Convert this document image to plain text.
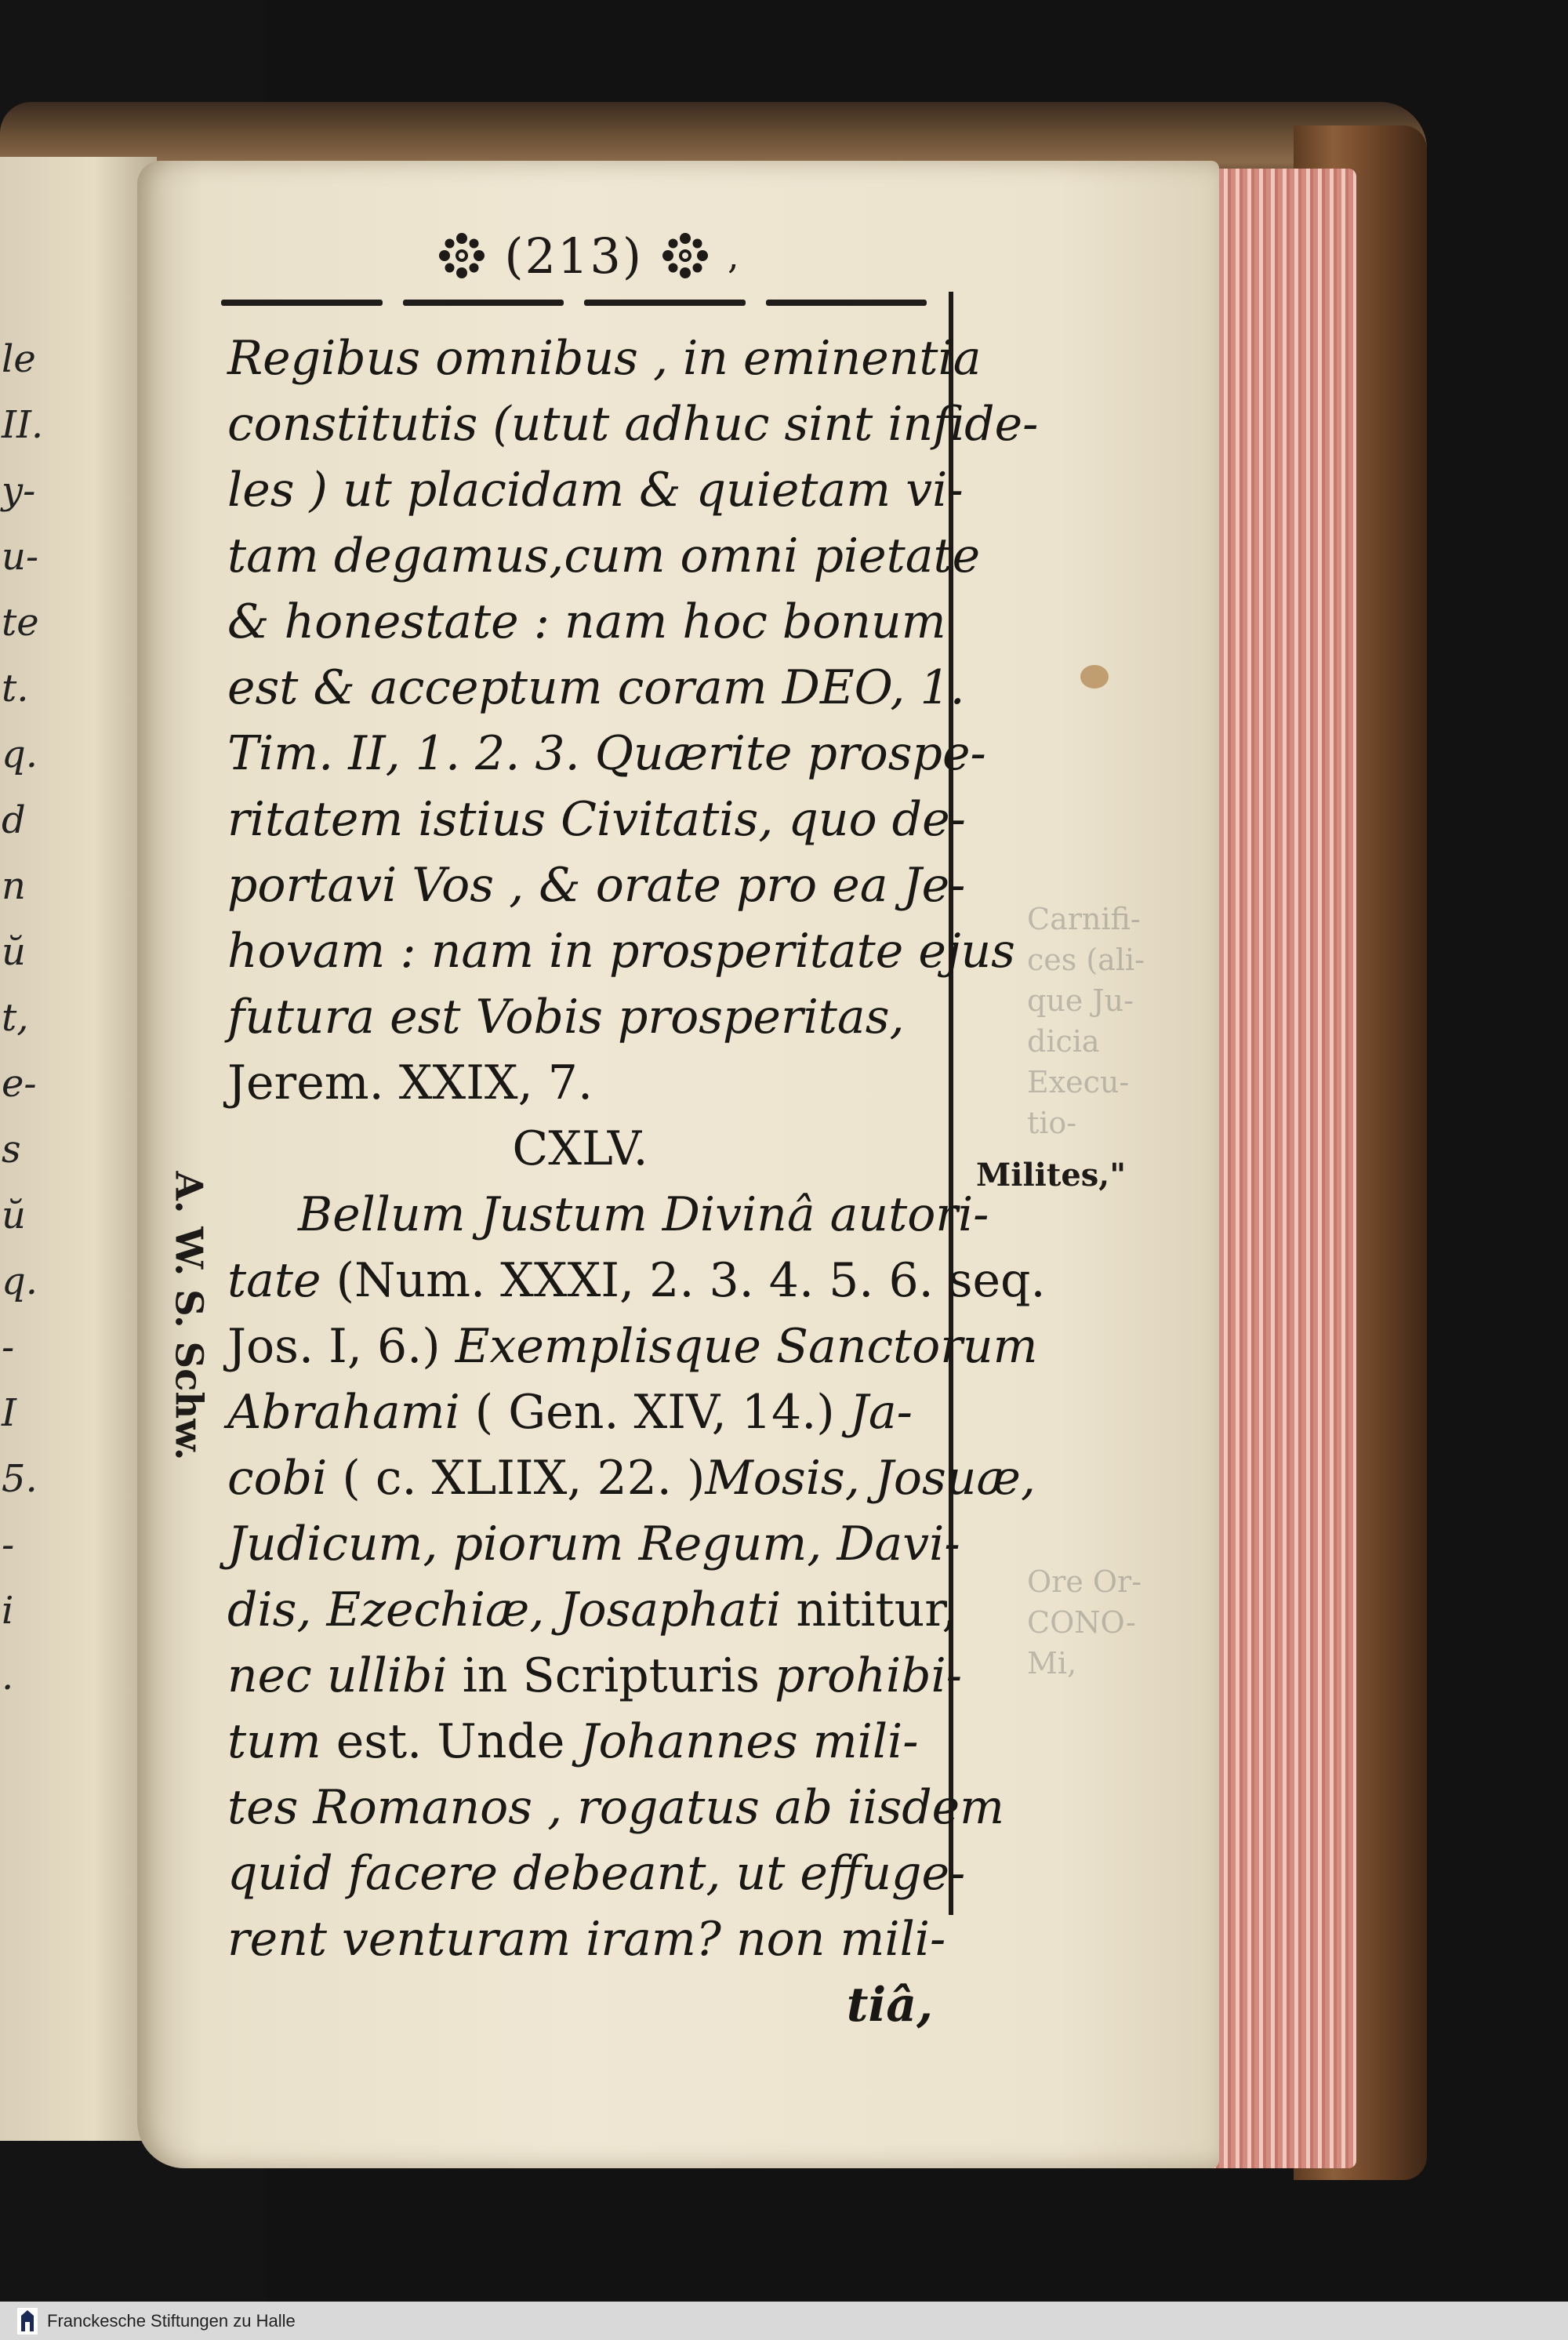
le
II.
y-
u-
te
t.
q.
d
n
ŭ
t,
e-
s
ŭ
q.
-
I
5.
-
i
.
(213) ,
Regibus omnibus , in eminentia
constitutis (utut adhuc sint infide-
les ) ut placidam & quietam vi-
tam degamus,cum omni pietate
& honestate : nam hoc bonum
est & acceptum coram DEO, 1.
Tim. II, 1. 2. 3. Quærite prospe-
ritatem istius Civitatis, quo de-
portavi Vos , & orate pro ea Je-
hovam : nam in prosperitate ejus
futura est Vobis prosperitas,
Jerem. XXIX, 7.
CXLV.
Bellum Justum Divinâ autori-
tate (Num. XXXI, 2. 3. 4. 5. 6. seq.
Jos. I, 6.) Exemplisque Sanctorum
Abrahami ( Gen. XIV, 14.) Ja-
cobi ( c. XLIIX, 22. )Mosis, Josuæ,
Judicum, piorum Regum, Davi-
dis, Ezechiæ, Josaphati nititur,
nec ullibi in Scripturis prohibi-
tum est. Unde Johannes mili-
tes Romanos , rogatus ab iisdem
quid facere debeant, ut effuge-
rent venturam iram? non mili-
tiâ,
A. W. S. Schw.
Carnifi-
ces (ali-
que Ju-
dicia
Execu-
tio-
Ore Or-
CONO-
Mi,
Milites,"
Franckesche Stiftungen zu Halle
